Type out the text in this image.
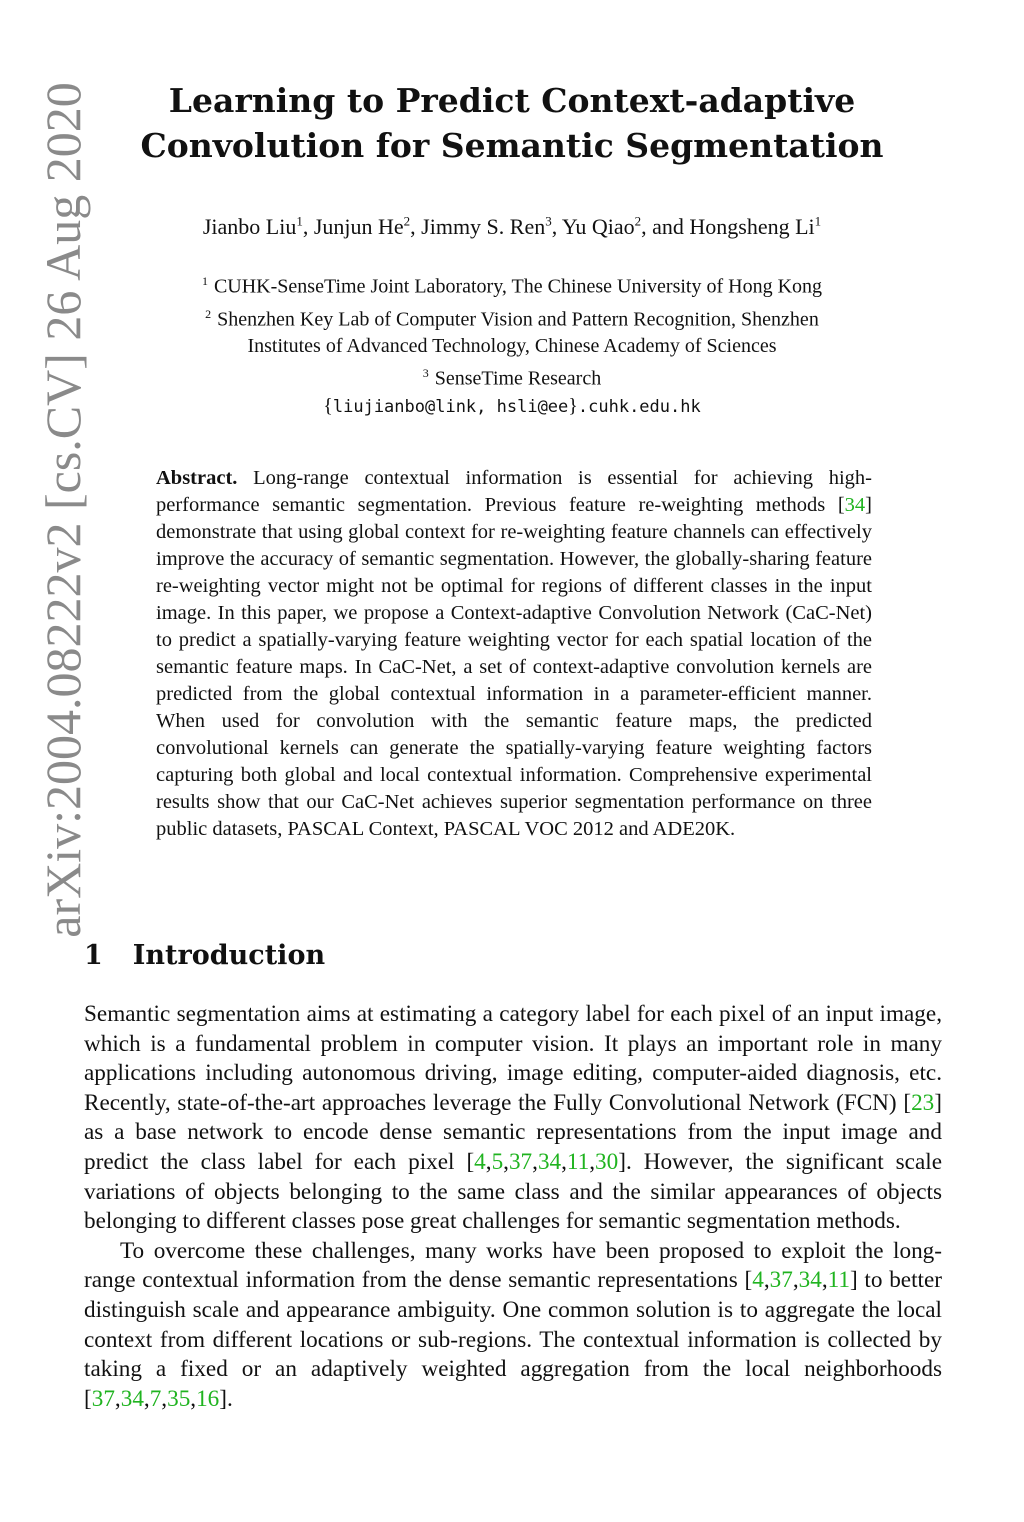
arXiv:2004.08222v2 [cs.CV] 26 Aug 2020	Learning to Predict Context-adaptive
Convolution for Semantic Segmentation
Jianbo Liu$^1$, Junjun He$^2$, Jimmy S. Ren$^3$, Yu Qiao$^2$, and Hongsheng Li$^1$
$^1$ CUHK-SenseTime Joint Laboratory, The Chinese University of Hong Kong
$^2$ Shenzhen Key Lab of Computer Vision and Pattern Recognition, Shenzhen
Institutes of Advanced Technology, Chinese Academy of Sciences
$^3$ SenseTime Research
{liujianbo@link, hsli@ee}.cuhk.edu.hk
Abstract. Long-range contextual information is essential for achieving high-performance semantic segmentation. Previous feature re-weighting methods [34] demonstrate that using global context for re-weighting feature channels can effectively improve the accuracy of semantic segmentation. However, the globally-sharing feature re-weighting vector might not be optimal for regions of different classes in the input image. In this paper, we propose a Context-adaptive Convolution Network (CaC-Net) to predict a spatially-varying feature weighting vector for each spatial location of the semantic feature maps. In CaC-Net, a set of context-adaptive convolution kernels are predicted from the global contextual information in a parameter-efficient manner. When used for convolution with the semantic feature maps, the predicted convolutional kernels can generate the spatially-varying feature weighting factors capturing both global and local contextual information. Comprehensive experimental results show that our CaC-Net achieves superior segmentation performance on three public datasets, PASCAL Context, PASCAL VOC 2012 and ADE20K.
1 Introduction

Semantic segmentation aims at estimating a category label for each pixel of an input image, which is a fundamental problem in computer vision. It plays an important role in many applications including autonomous driving, image editing, computer-aided diagnosis, etc. Recently, state-of-the-art approaches leverage the Fully Convolutional Network (FCN) [23] as a base network to encode dense semantic representations from the input image and predict the class label for each pixel [4,5,37,34,11,30]. However, the significant scale variations of objects belonging to the same class and the similar appearances of objects belonging to different classes pose great challenges for semantic segmentation methods.

To overcome these challenges, many works have been proposed to exploit the long-range contextual information from the dense semantic representations [4,37,34,11] to better distinguish scale and appearance ambiguity. One common solution is to aggregate the local context from different locations or sub-regions. The contextual information is collected by taking a fixed or an adaptively weighted aggregation from the local neighborhoods [37,34,7,35,16].
